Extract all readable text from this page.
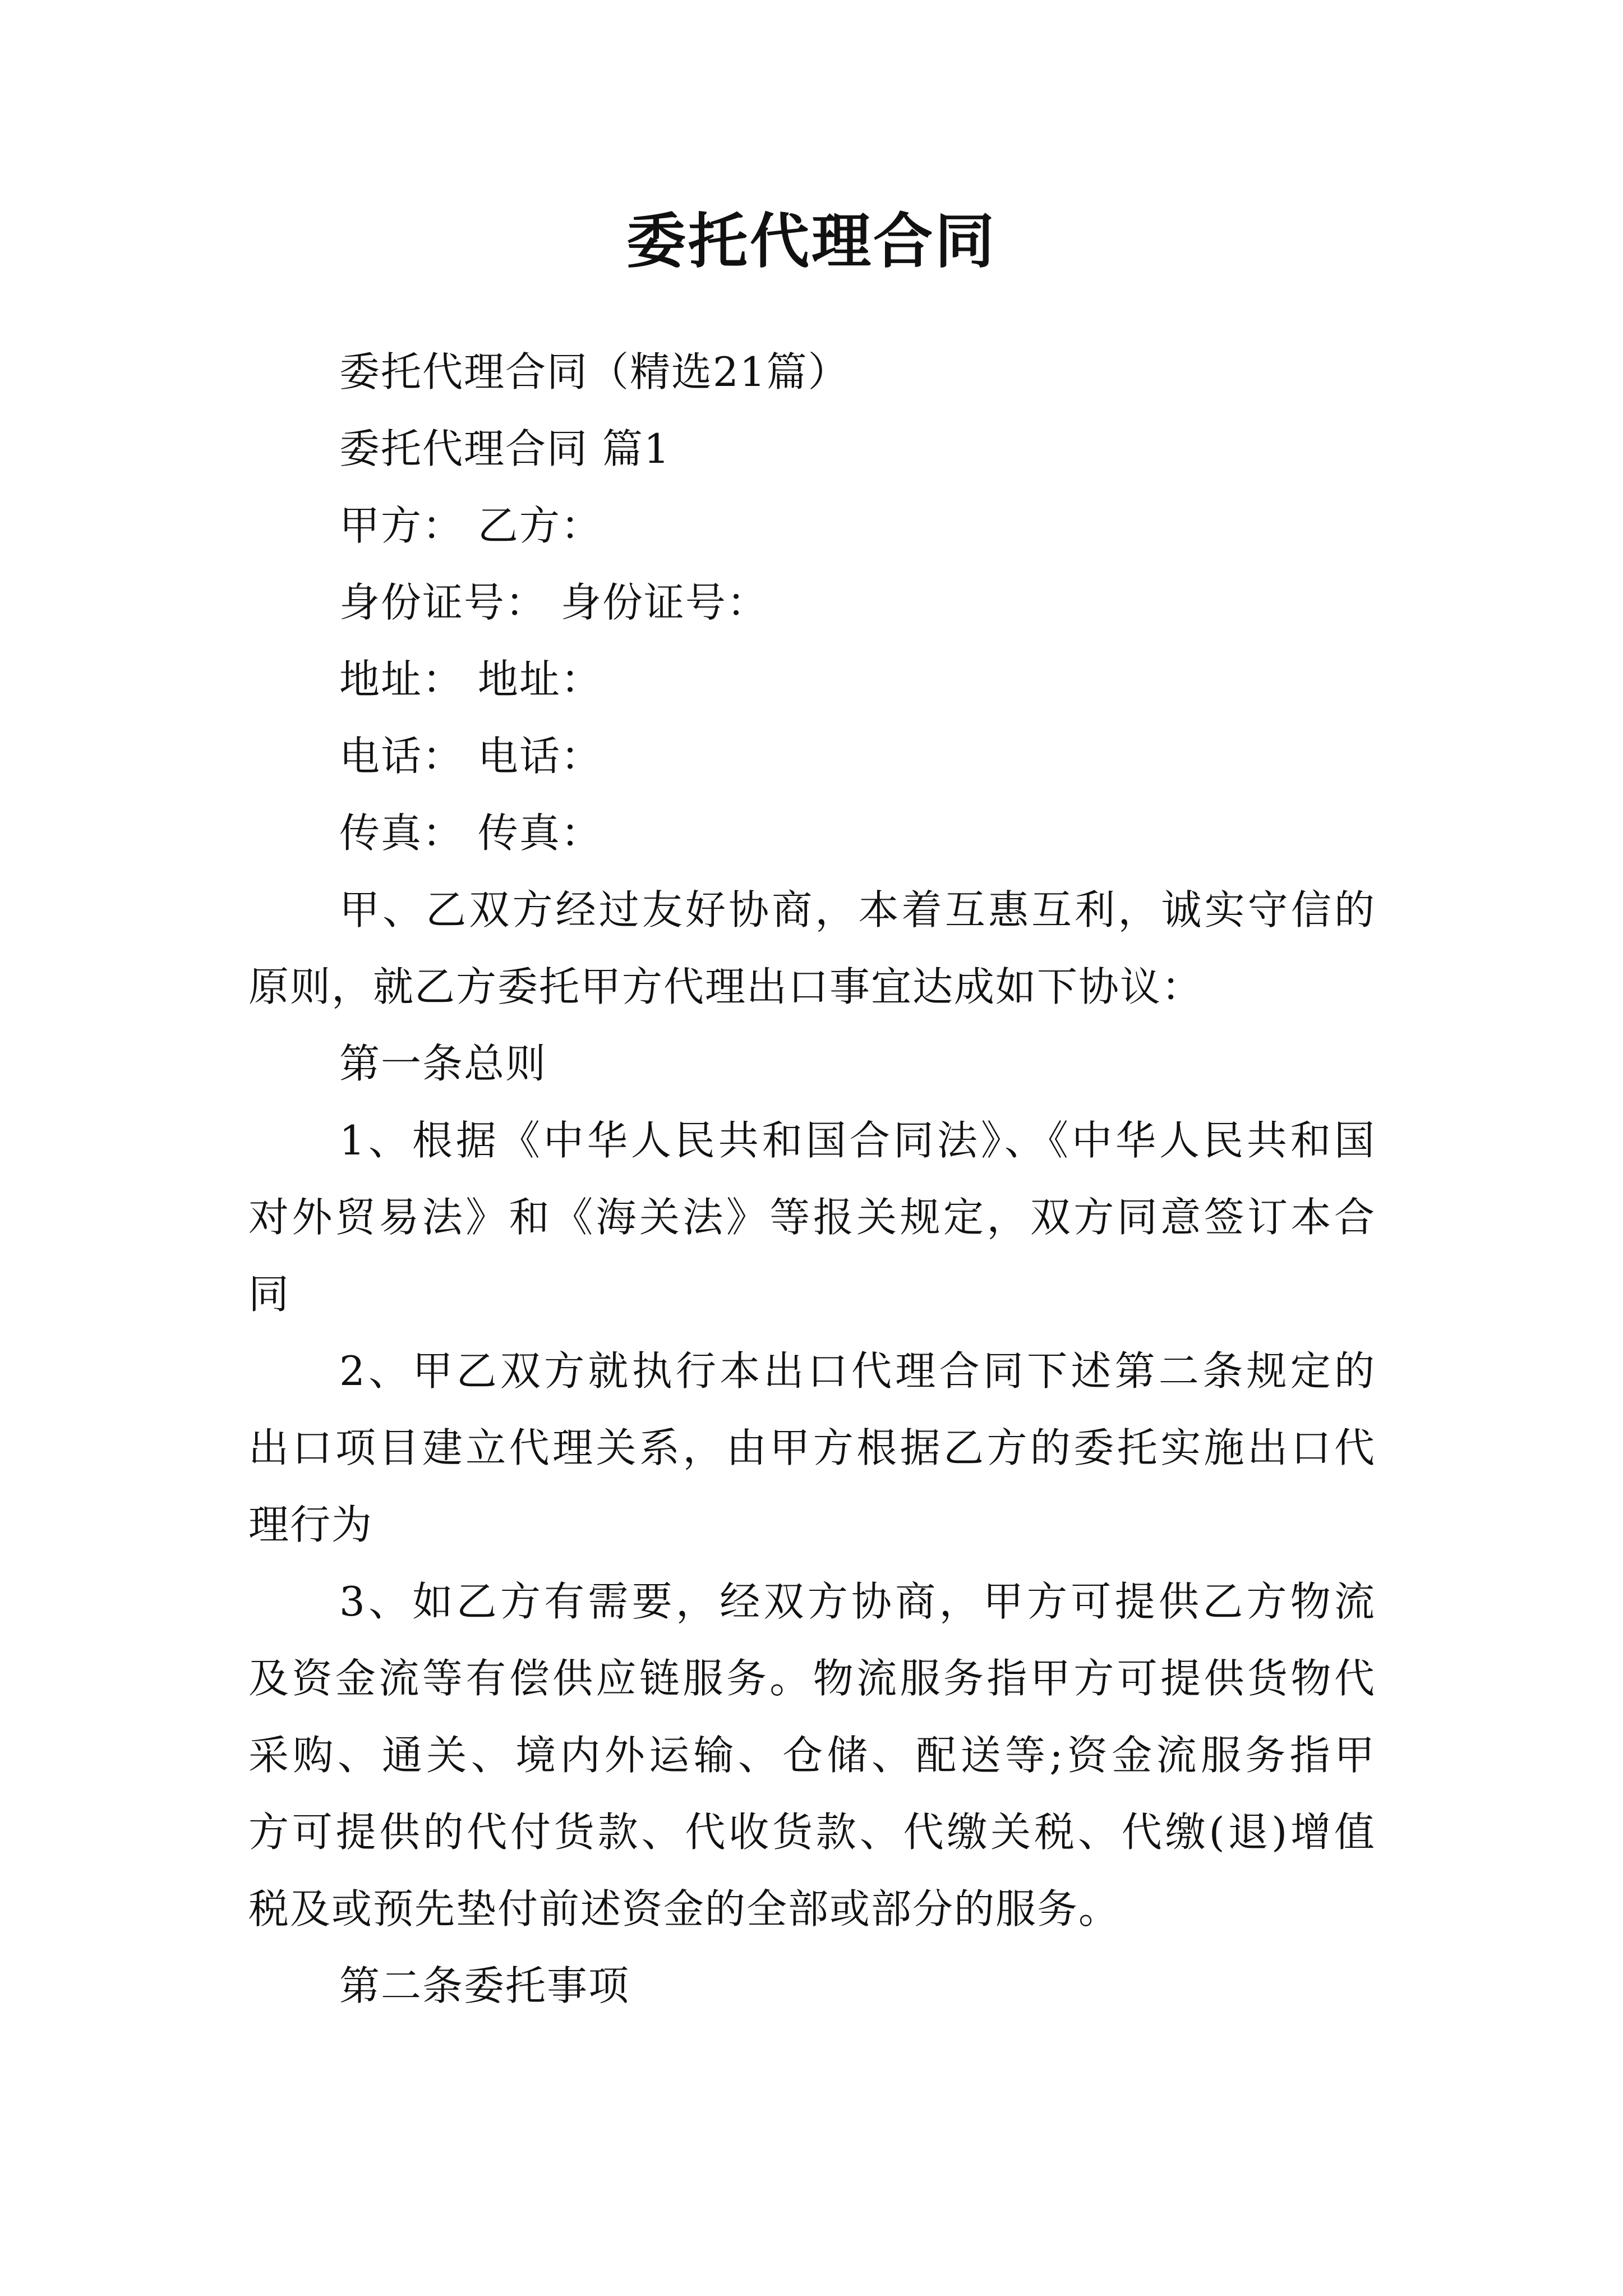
委托代理合同

委托代理合同（精选21篇）

委托代理合同 篇1

甲方： 乙方：

身份证号： 身份证号：

地址： 地址：

电话： 电话：

传真： 传真：

甲、乙双方经过友好协商，本着互惠互利，诚实守信的

原则，就乙方委托甲方代理出口事宜达成如下协议：

第一条总则

1、根据《中华人民共和国合同法》、《中华人民共和国

对外贸易法》和《海关法》等报关规定，双方同意签订本合

同

2、甲乙双方就执行本出口代理合同下述第二条规定的

出口项目建立代理关系，由甲方根据乙方的委托实施出口代

理行为

3、如乙方有需要，经双方协商，甲方可提供乙方物流

及资金流等有偿供应链服务。物流服务指甲方可提供货物代

采购、通关、境内外运输、仓储、配送等;资金流服务指甲

方可提供的代付货款、代收货款、代缴关税、代缴(退)增值

税及或预先垫付前述资金的全部或部分的服务。

第二条委托事项
